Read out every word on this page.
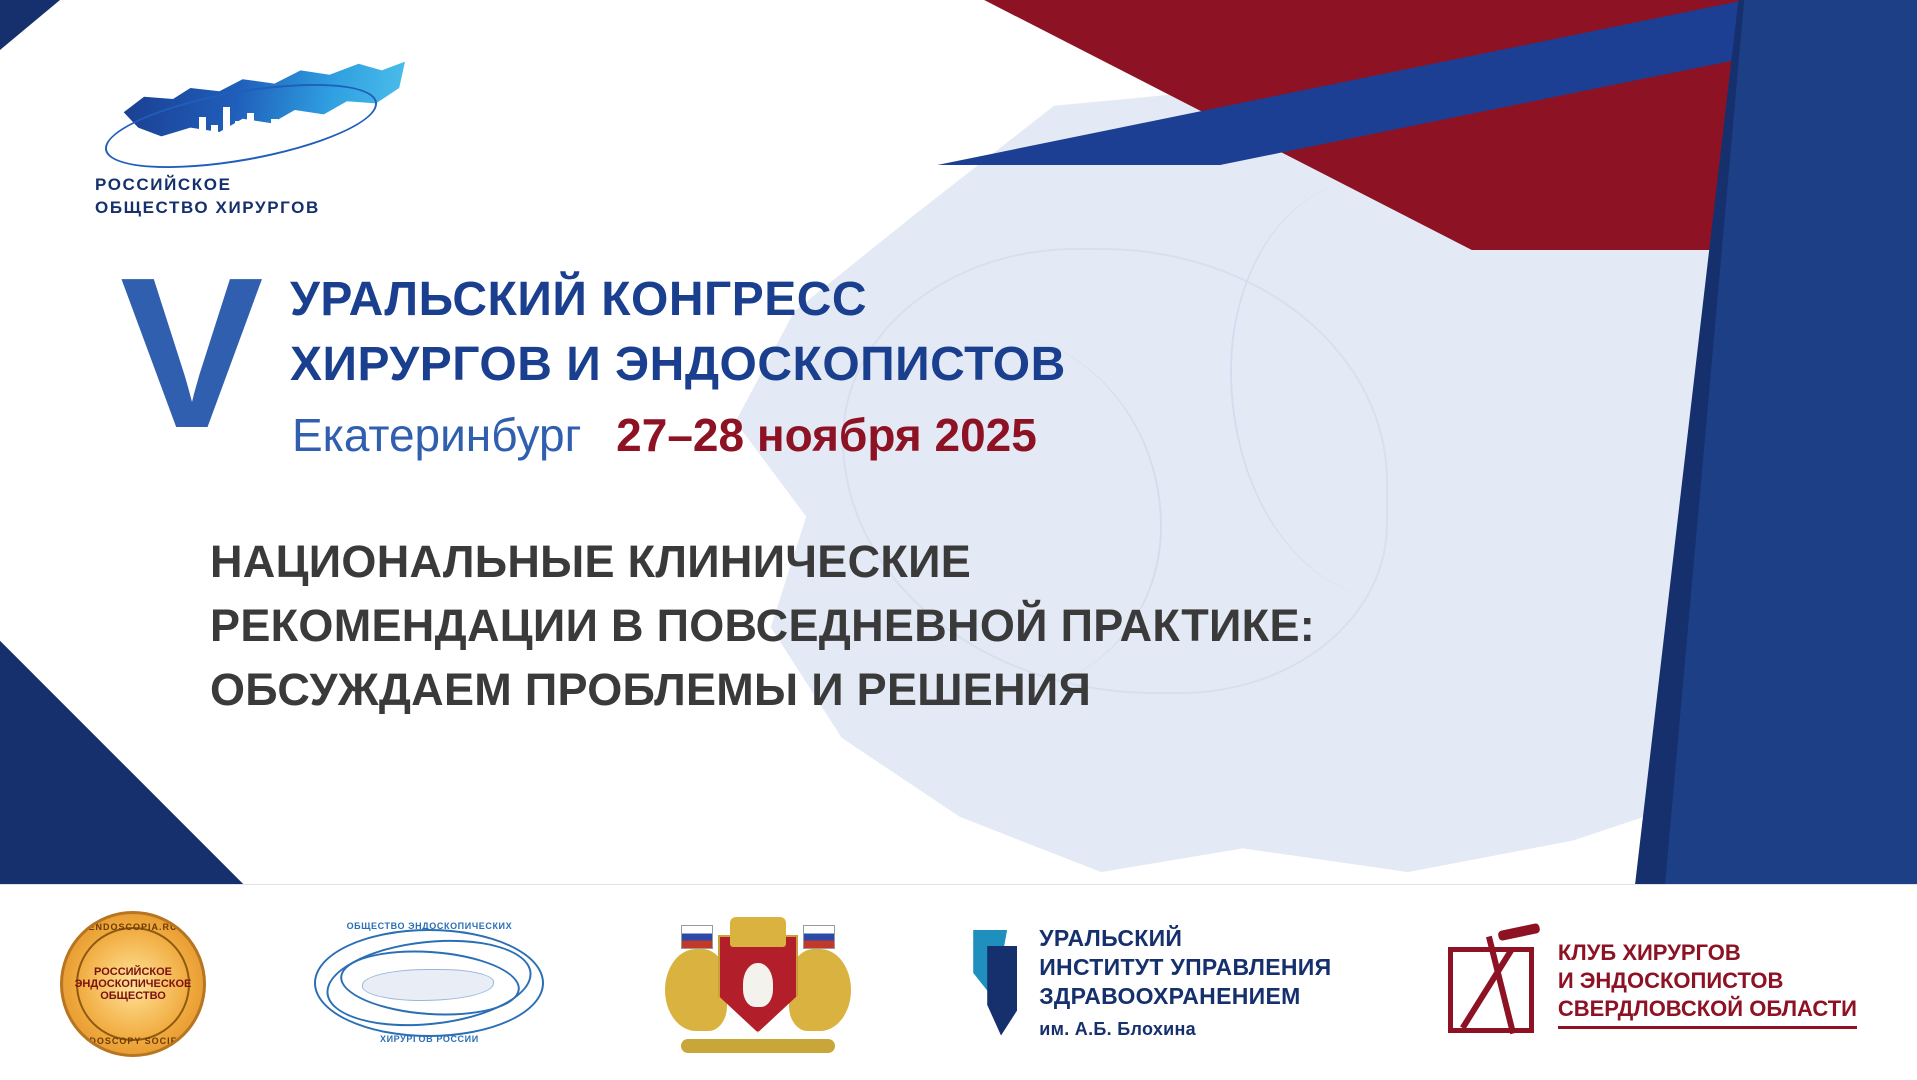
РОССИЙСКОЕ
ОБЩЕСТВО ХИРУРГОВ
V УРАЛЬСКИЙ КОНГРЕСС
ХИРУРГОВ И ЭНДОСКОПИСТОВ
Екатеринбург 27–28 ноября 2025
НАЦИОНАЛЬНЫЕ КЛИНИЧЕСКИЕ
РЕКОМЕНДАЦИИ В ПОВСЕДНЕВНОЙ ПРАКТИКЕ:
ОБСУЖДАЕМ ПРОБЛЕМЫ И РЕШЕНИЯ
ENDOSCOPIA.RU
РОССИЙСКОЕ
ЭНДОСКОПИЧЕСКОЕ
ОБЩЕСТВО
ENDOSCOPY SOCIETY
ОБЩЕСТВО ЭНДОСКОПИЧЕСКИХ
ХИРУРГОВ РОССИИ
УРАЛЬСКИЙ
ИНСТИТУТ УПРАВЛЕНИЯ
ЗДРАВООХРАНЕНИЕМ
им. А.Б. Блохина
КЛУБ ХИРУРГОВ
И ЭНДОСКОПИСТОВ
СВЕРДЛОВСКОЙ ОБЛАСТИ
